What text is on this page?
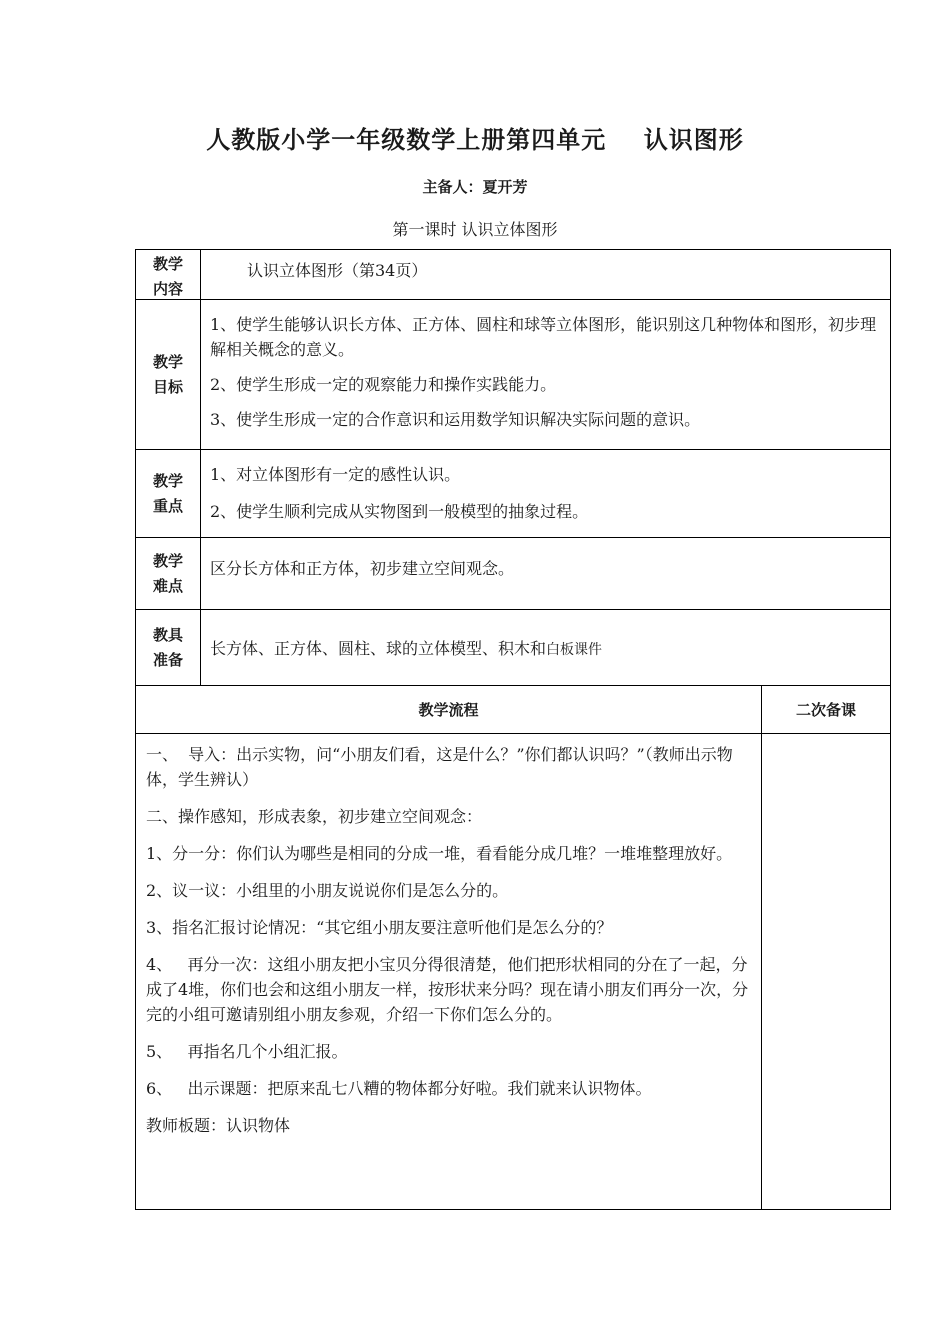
人教版小学一年级数学上册第四单元    认识图形
主备人：夏开芳
第一课时 认识立体图形
教学
内容
认识立体图形（第34页）
教学
目标

1、使学生能够认识长方体、正方体、圆柱和球等立体图形，能识别这几种物体和图形，初步理解相关概念的意义。

2、使学生形成一定的观察能力和操作实践能力。

3、使学生形成一定的合作意识和运用数学知识解决实际问题的意识。

教学
重点

1、对立体图形有一定的感性认识。

2、使学生顺利完成从实物图到一般模型的抽象过程。

教学
难点
区分长方体和正方体，初步建立空间观念。
教具
准备
长方体、正方体、圆柱、球的立体模型、积木和白板课件
教学流程	二次备课

一、  导入：出示实物，问“小朋友们看，这是什么？”你们都认识吗？”（教师出示物体，学生辨认）

二、操作感知，形成表象，初步建立空间观念：

1、分一分：你们认为哪些是相同的分成一堆，看看能分成几堆？一堆堆整理放好。

2、议一议：小组里的小朋友说说你们是怎么分的。

3、指名汇报讨论情况：“其它组小朋友要注意听他们是怎么分的？

4、   再分一次：这组小朋友把小宝贝分得很清楚，他们把形状相同的分在了一起，分成了4堆，你们也会和这组小朋友一样，按形状来分吗？现在请小朋友们再分一次，分完的小组可邀请别组小朋友参观，介绍一下你们怎么分的。

5、   再指名几个小组汇报。

6、   出示课题：把原来乱七八糟的物体都分好啦。我们就来认识物体。

教师板题：认识物体
